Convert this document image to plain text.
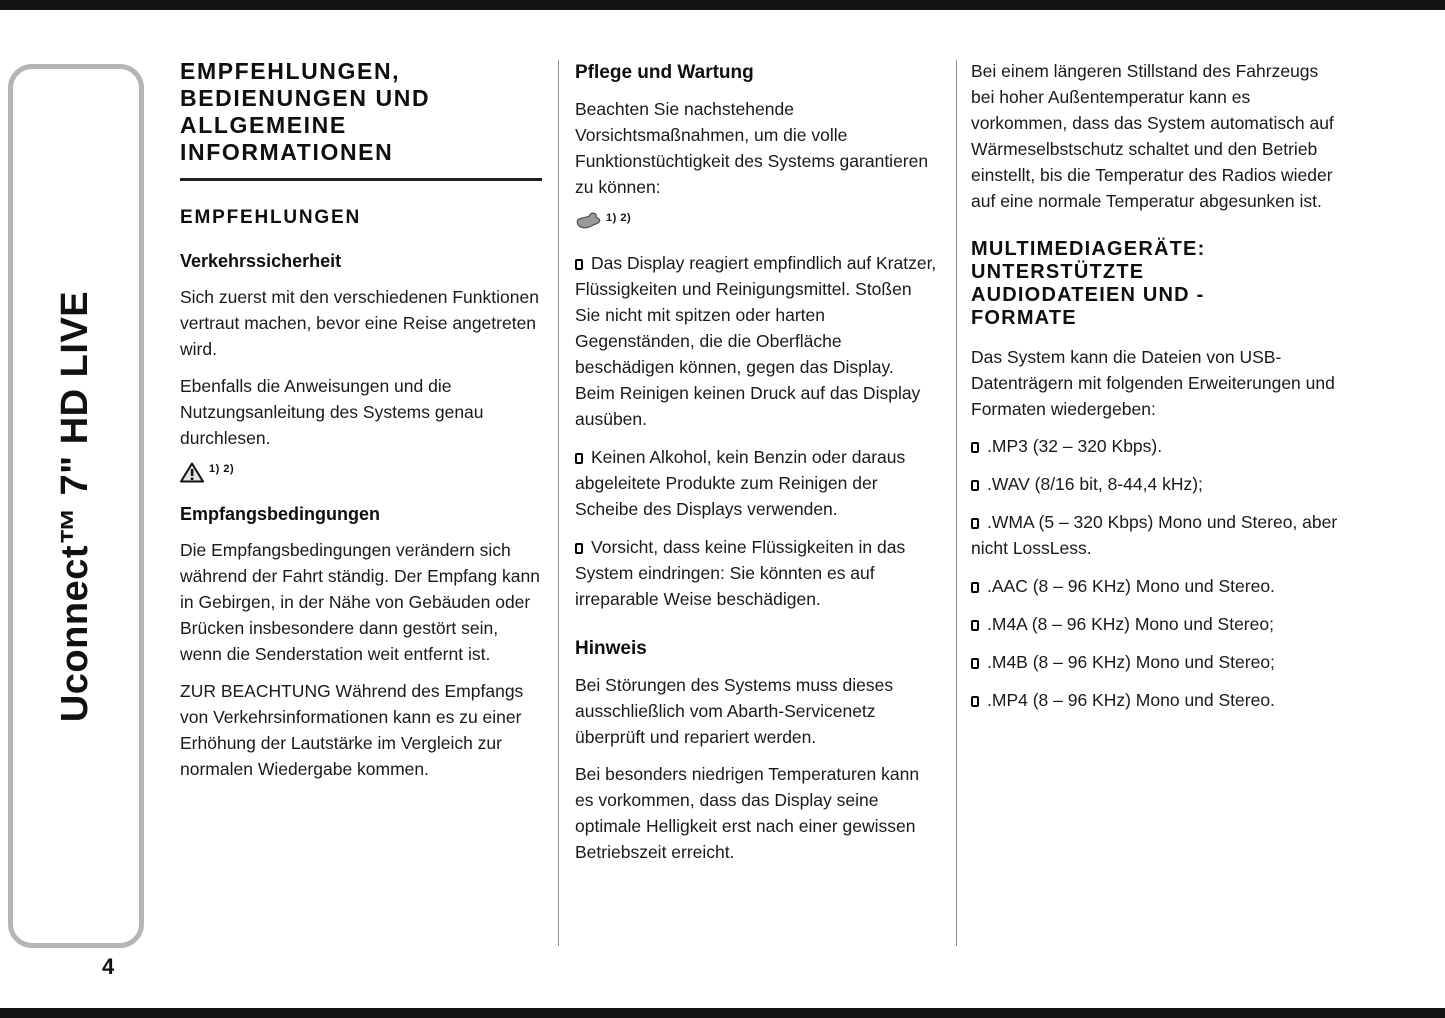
Uconnect™ 7" HD LIVE
4
EMPFEHLUNGEN, BEDIENUNGEN UND ALLGEMEINE INFORMATIONEN
EMPFEHLUNGEN
Verkehrssicherheit

Sich zuerst mit den verschiedenen Funktionen vertraut machen, bevor eine Reise angetreten wird.

Ebenfalls die Anweisungen und die Nutzungsanleitung des Systems genau durchlesen.

1) 2)
Empfangsbedingungen

Die Empfangsbedingungen verändern sich während der Fahrt ständig. Der Empfang kann in Gebirgen, in der Nähe von Gebäuden oder Brücken insbesondere dann gestört sein, wenn die Senderstation weit entfernt ist.

ZUR BEACHTUNG Während des Empfangs von Verkehrsinformationen kann es zu einer Erhöhung der Lautstärke im Vergleich zur normalen Wiedergabe kommen.

Pflege und Wartung

Beachten Sie nachstehende Vorsichtsmaßnahmen, um die volle Funktionstüchtigkeit des Systems garantieren zu können:

1) 2)

Das Display reagiert empfindlich auf Kratzer, Flüssigkeiten und Reinigungsmittel. Stoßen Sie nicht mit spitzen oder harten Gegenständen, die die Oberfläche beschädigen können, gegen das Display. Beim Reinigen keinen Druck auf das Display ausüben.

Keinen Alkohol, kein Benzin oder daraus abgeleitete Produkte zum Reinigen der Scheibe des Displays verwenden.

Vorsicht, dass keine Flüssigkeiten in das System eindringen: Sie könnten es auf irreparable Weise beschädigen.

Hinweis

Bei Störungen des Systems muss dieses ausschließlich vom Abarth-Servicenetz überprüft und repariert werden.

Bei besonders niedrigen Temperaturen kann es vorkommen, dass das Display seine optimale Helligkeit erst nach einer gewissen Betriebszeit erreicht.

Bei einem längeren Stillstand des Fahrzeugs bei hoher Außentemperatur kann es vorkommen, dass das System automatisch auf Wärmeselbstschutz schaltet und den Betrieb einstellt, bis die Temperatur des Radios wieder auf eine normale Temperatur abgesunken ist.

MULTIMEDIAGERÄTE: UNTERSTÜTZTE AUDIODATEIEN UND -FORMATE

Das System kann die Dateien von USB-Datenträgern mit folgenden Erweiterungen und Formaten wiedergeben:

.MP3 (32 – 320 Kbps).

.WAV (8/16 bit, 8-44,4 kHz);

.WMA (5 – 320 Kbps) Mono und Stereo, aber nicht LossLess.

.AAC (8 – 96 KHz) Mono und Stereo.

.M4A (8 – 96 KHz) Mono und Stereo;

.M4B (8 – 96 KHz) Mono und Stereo;

.MP4 (8 – 96 KHz) Mono und Stereo.
